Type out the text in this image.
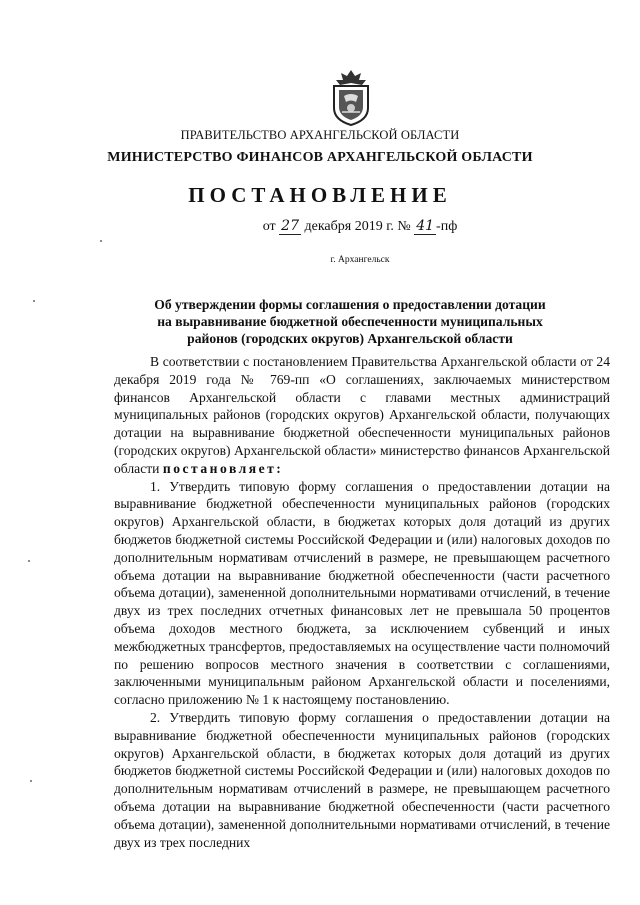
ПРАВИТЕЛЬСТВО АРХАНГЕЛЬСКОЙ ОБЛАСТИ
МИНИСТЕРСТВО ФИНАНСОВ АРХАНГЕЛЬСКОЙ ОБЛАСТИ
ПОСТАНОВЛЕНИЕ
от 27 декабря 2019 г. № 41 -пф
г. Архангельск
Об утверждении формы соглашения о предоставлении дотации
на выравнивание бюджетной обеспеченности муниципальных
районов (городских округов) Архангельской области

В соответствии с постановлением Правительства Архангельской области от 24 декабря 2019 года № 769-пп «О соглашениях, заключаемых министерством финансов Архангельской области с главами местных администраций муниципальных районов (городских округов) Архангельской области, получающих дотации на выравнивание бюджетной обеспеченности муниципальных районов (городских округов) Архангельской области» министерство финансов Архангельской области постановляет:

1. Утвердить типовую форму соглашения о предоставлении дотации на выравнивание бюджетной обеспеченности муниципальных районов (городских округов) Архангельской области, в бюджетах которых доля дотаций из других бюджетов бюджетной системы Российской Федерации и (или) налоговых доходов по дополнительным нормативам отчислений в размере, не превышающем расчетного объема дотации на выравнивание бюджетной обеспеченности (части расчетного объема дотации), замененной дополнительными нормативами отчислений, в течение двух из трех последних отчетных финансовых лет не превышала 50 процентов объема доходов местного бюджета, за исключением субвенций и иных межбюджетных трансфертов, предоставляемых на осуществление части полномочий по решению вопросов местного значения в соответствии с соглашениями, заключенными муниципальным районом Архангельской области и поселениями, согласно приложению № 1 к настоящему постановлению.

2. Утвердить типовую форму соглашения о предоставлении дотации на выравнивание бюджетной обеспеченности муниципальных районов (городских округов) Архангельской области, в бюджетах которых доля дотаций из других бюджетов бюджетной системы Российской Федерации и (или) налоговых доходов по дополнительным нормативам отчислений в размере, не превышающем расчетного объема дотации на выравнивание бюджетной обеспеченности (части расчетного объема дотации), замененной дополнительными нормативами отчислений, в течение двух из трех последних
